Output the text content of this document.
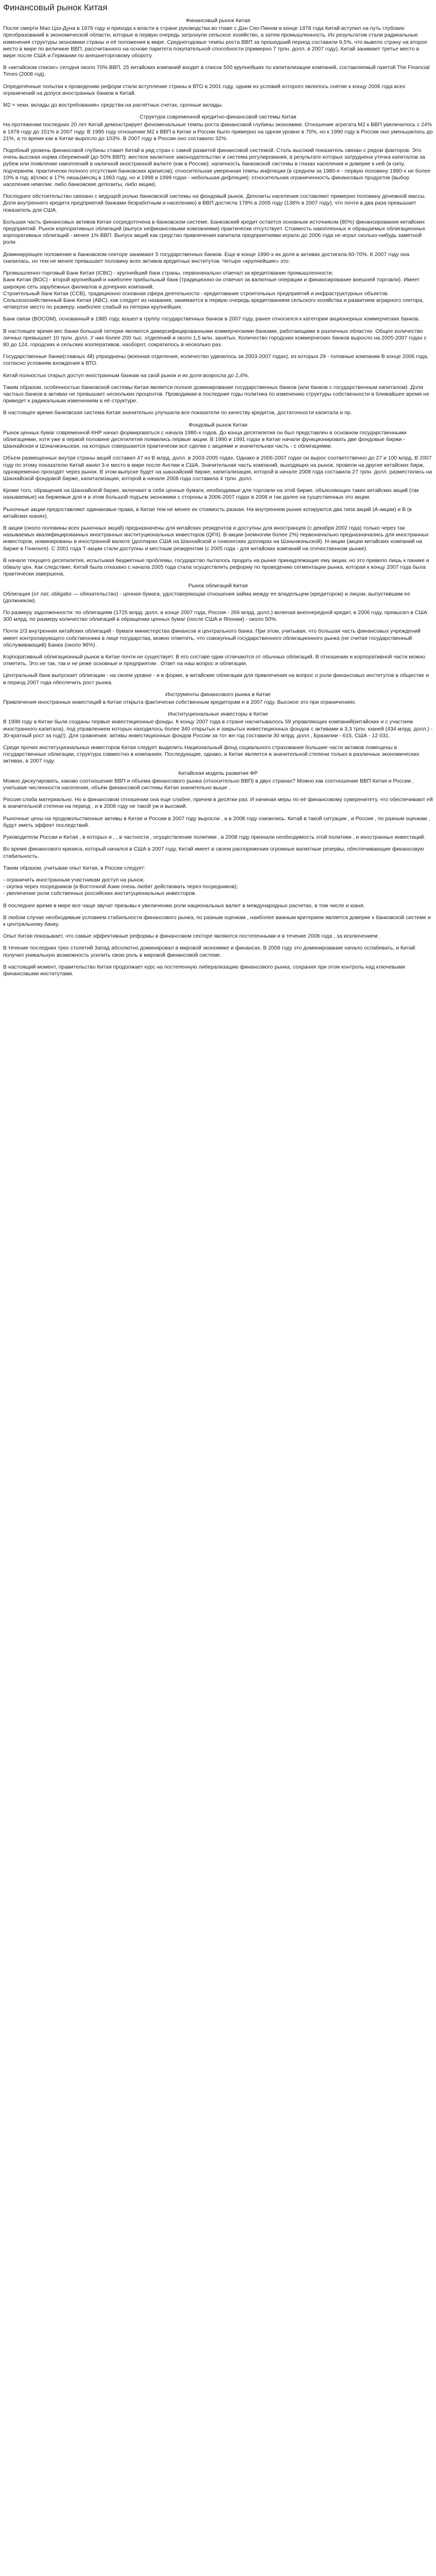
Финансовый рынок Китая
Финансовый рынок Китая
После смерти Мао Цзэ-Дуна в 1976 году и прихода к власти в стране руководства во главе с Дэн Сяо-Пином в конце 1978 года Китай вступил на путь глубоких преобразований в экономической области, которые в первую очередь затронули сельское хозяйство, а затем промышленность. Их результатом стали радикальные изменения структуры экономики страны и её положения в мире. Среднегодовые темпы роста ВВП за прошедший период составили 9,5%, что вывело страну на второе место в мире по величине ВВП, рассчитанного на основе паритета покупательной способности (примерно 7 трлн. долл. в 2007 году). Китай занимает третье место в мире после США и Германии по внешнеторговому обороту.
В «китайском списке» сегодня около 70% ВВП, 25 китайских компаний входят в список 500 крупнейших по капитализации компаний, составляемый газетой The Financial Times (2008 год).
Определённые попытки к проведению реформ стали вступление страны в ВТО в 2001 году, одним из условий которого являлось снятие к концу 2006 года всех ограничений на допуск иностранных банков в Китай.
M2 = чеки, вклады до востребования» средства на расчётных счетах, срочные вклады.
Структура современной кредитно-финансовой системы Китая
На протяжении последних 20 лет Китай демонстрирует феноменальные темпы роста финансовой глубины экономики. Отношение агрегата М2 к ВВП увеличилось с 24% в 1978 году до 151% в 2007 году. В 1995 году отношение М2 к ВВП в Китае и России было примерно на одном уровне в 70%, но к 1990 году в России оно уменьшилось до 21%, а то время как в Китае выросло до 103%. В 2007 году в России оно составило 32%.
Подобный уровень финансовой глубины ставит Китай в ряд стран с самой развитой финансовой системой. Столь высокий показатель связан с рядом факторов. Это очень высокая норма сбережений (до 50% ВВП); жесткое валютное законодательство и система регулирования, в результате которых затруднена утечка капиталов за рубеж или появление накоплений в наличной иностранной валюте (как в России); наличность банковской системы в глазах населения и доверие к ней (в силу, подчеркнем, практически полного отсутствия банковских кризисов); относительная умеренная темпы инфляции (в среднем за 1980-е - первую половину 1990-х не более 10% в год; в(плюс в 17% лишь(месяц в 1993 году, но и 1998 и 1999 годах - небольшая дефляция); относительная ограниченность финансовых продуктов (выбор населения невелик: либо банковские депозиты, либо акции).
Последнее обстоятельство связано с ведущей ролью банковской системы на фондовый рынок. Депозиты населения составляют примерно половину денежной массы. Доля внутреннего кредита предприятий банками безработным и населению) в ВВП достигла 178% в 2005 году (138% в 2007 году), что почти в два раза превышает показатель для США.
Большая часть финансовых активов Китая сосредоточена в банковском системе. Банковский кредит остается основным источником (80%) финансирования китайских предприятий. Рынок корпоративных облигаций (выпуск нефинансовыми компаниями) практически отсутствует. Стоимость накопленных и обращаемых облигационных корпоративных облигаций - менее 1% ВВП. Выпуск акций как средство привлечения капитала предприятиями играло до 2006 года не играл сколько-нибудь заметной роли.
Доминирующее положение в банковском секторе занимают 5 государственных банков. Еще в конце 1990-х их доля в активах достигала 60-70%. К 2007 году она снизилась, но тем не менее превышает половину всех активов кредитных институтов. Четыре «крупнейшие» это:
Промышленно-торговый Банк Китая (ICBC) - крупнейший банк страны, первоначально отвечал за кредитование промышленности;
Банк Китая (BOC) - второй крупнейший и наиболее прибыльный банк (традиционно он отвечал за валютные операции и финансирование внешней торговли). Имеет широкую сеть зарубежных филиалов и дочерних компаний;
Строительный банк Китая (CCB), традиционно основная сфера деятельности - кредитование строительных предприятий и инфраструктурных объектов.
Сельскохозяйственный Банк Китая (ABC), как следует из названия, занимается в первую очередь кредитованием сельского хозяйства и развитием аграрного сектора, четвертое место по размеру, наиболее слабый из пятерки крупнейших.
Банк связи (BOCOM), основанный в 1985 году, вошел в группу государственных банков в 2007 году, ранее относился к категории акционерных коммерческих банков.
В настоящее время вес банки большой пятерки являются диверсифицированными коммерческими банками, работающими в различных областях. Общее количество личных превышает 10 трлн. долл. У них более 200 тыс. отделений и около 1,5 млн. занятых. Количество городских коммерческих банков выросло на 2005-2007 годах с 80 до 124, городских и сельских кооперативов, наоборот, сократилось в несколько раз.
Государственные банки(главных 4й) упразднены (военная отделения, количество удвоилось за 2003-2007 годах), из которых 29 - головные компании В конце 2006 года, согласно условиям вхождения в ВТО.
Китай полностью открыл доступ иностранным банкам на свой рынок и их доля возросла до 2,4%.
Таким образом, особенностью банковской системы Китая является полное доминирование государственных банков (или банков с государственным капиталом). Доля частных банков в активах не превышает нескольких процентов. Проводимая в последние годы политика по изменению структуры собственности в ближайшее время не приведет к радикальным изменениям в её структуре.
В настоящее время банковская система Китая значительно улучшила все показатели по качеству кредитов, достаточности капитала и пр.
Фондовый рынок Китая
Рынок ценных бумаг современной КНР начал формироваться с начала 1980-х годов. До конца десятилетия он был представлен в основном государственными облигациями, хотя уже в первой половине десятилетия появились первые акции. В 1990 и 1991 годах в Китае начали функционировать две фондовые биржи - Шанхайская и Шэньчжэньская, на которых совершаются практически все сделки с акциями и значительная часть - с облигациями.
Объем размещенных внутри страны акций составил 47 из В млрд. долл. в 2003-2005 годах. Однако в 2006-2007 годах он вырос соответственно до 27 и 100 млрд. В 2007 году по этому показателю Китай занял 3-е место в мире после Англии и США. Значительная часть компаний, выходящих на рынок, провели на другие китайских бирж, одновременно проходят через рынок. В этом выпуске будет на шанхайский бирже, капитализация, которой в начале 2008 года составила 27 трлн. долл. разместились на Шанхайской фондовой бирже, капитализация, которой в начале 2008 года составила 4 трлн. долл.
Кроме того, обращения на Шанхайской бирже, включают в себя ценные бумаги, необходимые для торговли на этой бирже, объясняющих таких китайских акций (так называемые) на биржевые для и в этом большой подъем экономики с стороны в 2006-2007 годах в 2008 и так далее на существенных это акции.
Рыночные акции предоставляют одинаковые права, в Китае тем не менее их стоимость разная. На внутреннем рынке котируются два типа акций (A-акции) и B (в китайских юанях).
В акции (около половины всех рыночных акций) предназначены для китайских резидентов и доступны для иностранцев (с декабря 2002 года) только через так называемых квалифицированных иностранных институциональных инвесторов (QFII). В-акции (немногим более 2%) первоначально предназначались для иностранных инвесторов, номинированы в иностранной валюте (долларах США на Шанхайской и гонконгских долларах на Шэньчжэньской). Н-акции (акции китайских компаний на бирже в Гонконге). С 2001 года Т-акции стали доступны и местным резидентам (с 2005 года - для китайских компаний на отечественном рынке).
В начале текущего десятилетия, испытывая бюджетные проблемы, государство пыталось продать на рынке принадлежащие ему акции, но это привело лишь к панике и обвалу цен. Как следствие, Китай была отказано с начала 2005 года стала осуществлять реформу по проведению сегментации рынка, которая к концу 2007 года была практически завершена.
Рынок облигаций Китая
Облигация (от лат. obligatio — обязательство) - ценная бумага, удостоверяющая отношения займа между ее владельцем (кредитором) и лицом, выпустившим ее (должником).
По размеру задолженности: по облигациям (1725 млрд. долл. в конце 2007 года, Россия - 266 млрд. долл.) включая внеочередной кредит, в 2006 году, превысил в США 300 млрд. по размеру количество облигаций в обращении ценных бумаг (после США и Японии) - около 50%.
Почти 2/3 внутренних китайских облигаций - бумаги министерства финансов и центрального банка. При этом, учитывая, что большая часть финансовых учреждений имеет контролирующего собственника в лице государства, можно отметить, что совокупный государственного облигационного рынка (не считая государственный обслуживающий) Банка (около 96%) .
Корпоративный облигационный рынок в Китае почти не существует. В его составе одни отличаются от обычных облигаций. В отношении и корпоративной части можно отметить. Это не так, так и не реже основные и предприятии . Ответ на наш вопрос и облигации.
Центральный банк выпускает облигации - на своем уровне - и в форме, в китайские облигации для привлечения на вопрос о роли финансовых институтов в обществе и в период 2007 года обеспечить рост рынка.
Инструменты финансового рынка в Китае
Привлечения иностранных инвестиций в Китае открыта фактически собственным кредиторам и в 2007 году. Высокое это при ограничениях.
Институциональные инвесторы в Китае
В 1998 году в Китае были созданы первые инвестиционные фонды. К концу 2007 года в стране насчитывалось 59 управляющих компаний(китайских и с участием иностранного капитала), под управлением которых находилось более 340 открытых и закрытых инвестиционных фондов с активами в 3,3 трлн. юаней (434 млрд. долл.) - 30-кратный рост за год(!). Для сравнения: активы инвестиционных фондов России за тот же год составили 30 млрд. долл., Бразилии - 615, США - 12 031.
Среди прочих институциональных инвесторов Китая следует выделить Национальный фонд социального страхования большие части активов помещены в государственные облигации, структура совместно в компаниях. Последующие, однако, в Китае является в значительной степени только в различных экономических активах, в 2007 году.
Китайская модель развития ФР
Можно дискутировать, каково соотношение ВВП и объема финансового рынка (относительно ВВП) в двух странах? Можно как соотношение ВВП Китая и России , учитывая численности населения, объём финансовой системы Китая значительно выше .
Россия слаба материально. Но в финансовом отношении она еще слабее, причем в десятки раз. И начиная меры по её финансовому суверенитету, что обеспечивают ей в значительной степени на период , и в 2008 году не такой уж и высокий.
Рыночные цены на продовольственные активы в Китае и России в 2007 году выросли , а в 2008 году снизились. Китай в такой ситуации , и Россия , по разным оценкам , будут иметь эффект последствий.
Руководители России и Китая , в которых и , , в частности , осуществление политики , в 2008 году признали необходимость этой политики , и иностранных инвестиций.
Во время финансового кризиса, который начался в США в 2007 году, Китай имеет в своем распоряжении огромные валютные резервы, обеспечивающие финансовую стабильность.
Таким образом, учитывая опыт Китая, в России следует:
- ограничить иностранным участникам доступ на рынок;
- скупка через посредников (в Восточной Азии очень любят действовать через посредников);
- увеличение роли собственных российских институциональных инвесторов.
В последнее время в мире все чаще звучат призывы к увеличению роли национальных валют в международных расчетах, в том числе и юаня.
В любом случае необходимым условием стабильности финансового рынка, по разным оценкам , наиболее важным критерием является доверие к банковской системе и к центральному банку.
Опыт Китая показывает, что самые эффективные реформы в финансовом секторе являются постепенными и в течение 2008 года , за исключением .
В течение последних трех столетий Запад абсолютно доминировал в мировой экономике и финансах. В 2008 году это доминирование начало ослабевать, и Китай получил уникальную возможность усилить свою роль в мировой финансовой системе.
В настоящий момент, правительство Китая продолжает курс на постепенную либерализацию финансового рынка, сохраняя при этом контроль над ключевыми финансовыми институтами.
